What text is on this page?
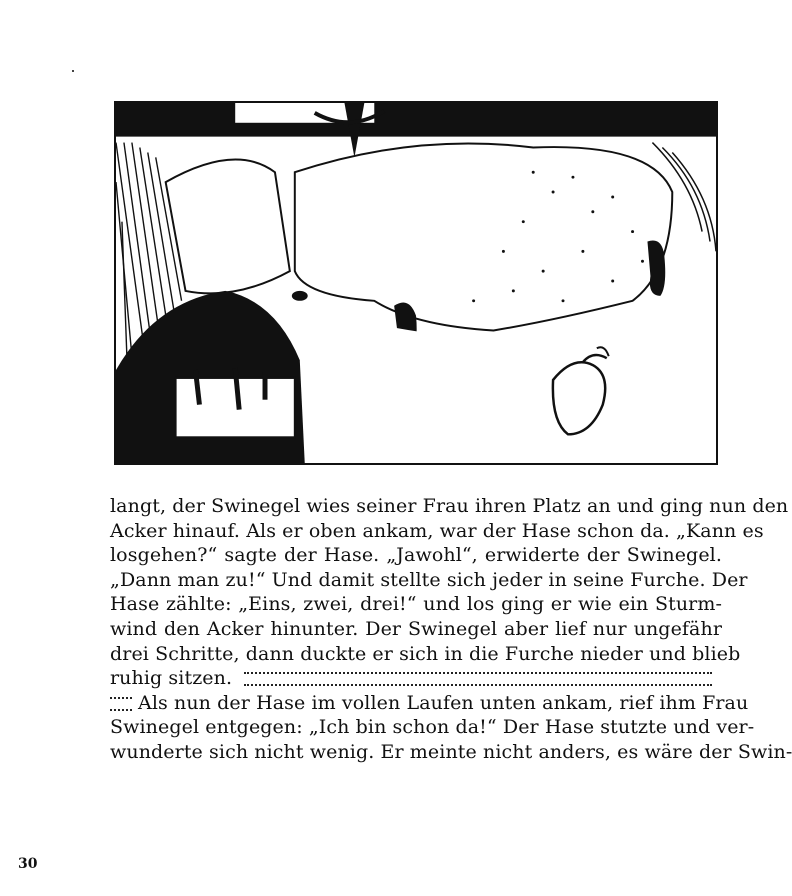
langt, der Swinegel wies seiner Frau ihren Platz an und ging nun den
Acker hinauf. Als er oben ankam, war der Hase schon da. „Kann es
losgehen?“ sagte der Hase. „Jawohl“, erwiderte der Swinegel.
„Dann man zu!“ Und damit stellte sich jeder in seine Furche. Der
Hase zählte: „Eins, zwei, drei!“ und los ging er wie ein Sturm-
wind den Acker hinunter. Der Swinegel aber lief nur ungefähr
drei Schritte, dann duckte er sich in die Furche nieder und blieb
ruhig sitzen.
Als nun der Hase im vollen Laufen unten ankam, rief ihm Frau
Swinegel entgegen: „Ich bin schon da!“ Der Hase stutzte und ver-
wunderte sich nicht wenig. Er meinte nicht anders, es wäre der Swin-
30
